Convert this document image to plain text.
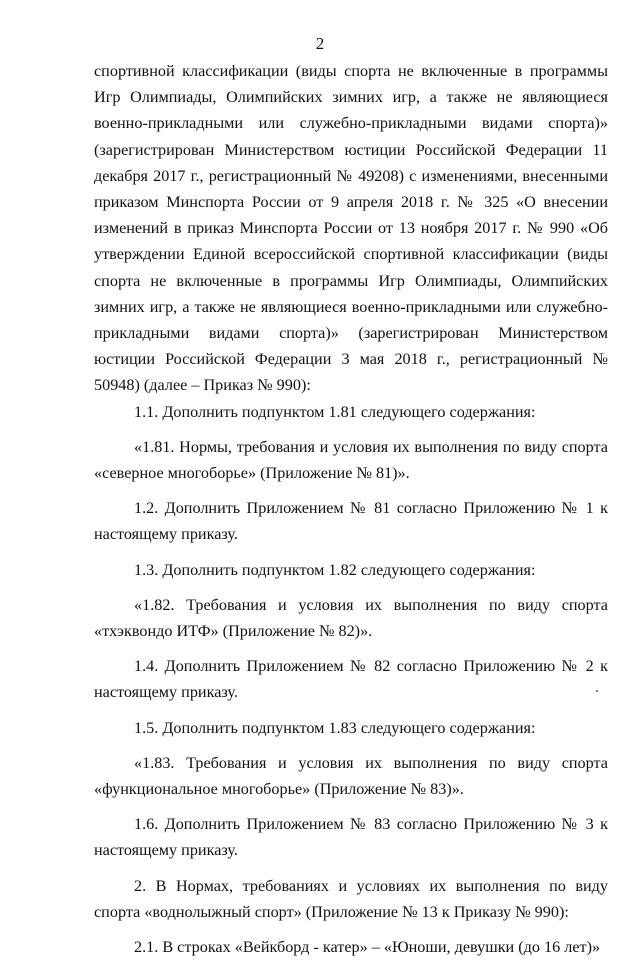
2

спортивной классификации (виды спорта не включенные в программы Игр Олимпиады, Олимпийских зимних игр, а также не являющиеся военно-прикладными или служебно-прикладными видами спорта)» (зарегистрирован Министерством юстиции Российской Федерации 11 декабря 2017 г., регистрационный № 49208) с изменениями, внесенными приказом Минспорта России от 9 апреля 2018 г. № 325 «О внесении изменений в приказ Минспорта России от 13 ноября 2017 г. № 990 «Об утверждении Единой всероссийской спортивной классификации (виды спорта не включенные в программы Игр Олимпиады, Олимпийских зимних игр, а также не являющиеся военно-прикладными или служебно-прикладными видами спорта)» (зарегистрирован Министерством юстиции Российской Федерации 3 мая 2018 г., регистрационный № 50948) (далее – Приказ № 990):

1.1. Дополнить подпунктом 1.81 следующего содержания:

«1.81. Нормы, требования и условия их выполнения по виду спорта «северное многоборье» (Приложение № 81)».

1.2. Дополнить Приложением № 81 согласно Приложению № 1 к настоящему приказу.

1.3. Дополнить подпунктом 1.82 следующего содержания:

«1.82. Требования и условия их выполнения по виду спорта «тхэквондо ИТФ» (Приложение № 82)».

1.4. Дополнить Приложением № 82 согласно Приложению № 2 к настоящему приказу.

1.5. Дополнить подпунктом 1.83 следующего содержания:

«1.83. Требования и условия их выполнения по виду спорта «функциональное многоборье» (Приложение № 83)».

1.6. Дополнить Приложением № 83 согласно Приложению № 3 к настоящему приказу.

2. В Нормах, требованиях и условиях их выполнения по виду спорта «воднолыжный спорт» (Приложение № 13 к Приказу № 990):

2.1. В строках «Вейкборд - катер» – «Юноши, девушки (до 16 лет)»
